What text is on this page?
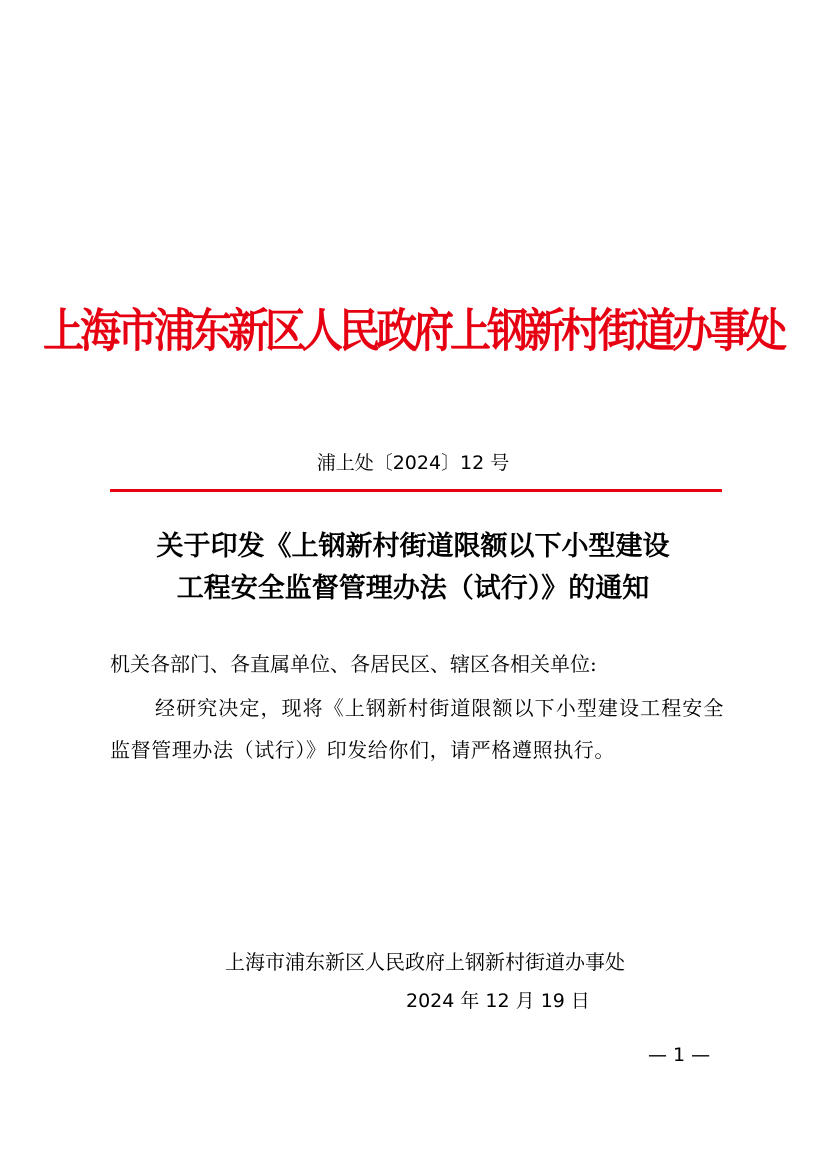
上海市浦东新区人民政府上钢新村街道办事处
浦上处〔2024〕12 号
关于印发《上钢新村街道限额以下小型建设
工程安全监督管理办法（试行）》的通知
机关各部门、各直属单位、各居民区、辖区各相关单位:
经研究决定，现将《上钢新村街道限额以下小型建设工程安全监督管理办法（试行）》印发给你们，请严格遵照执行。
上海市浦东新区人民政府上钢新村街道办事处
2024 年 12 月 19 日
— 1 —
